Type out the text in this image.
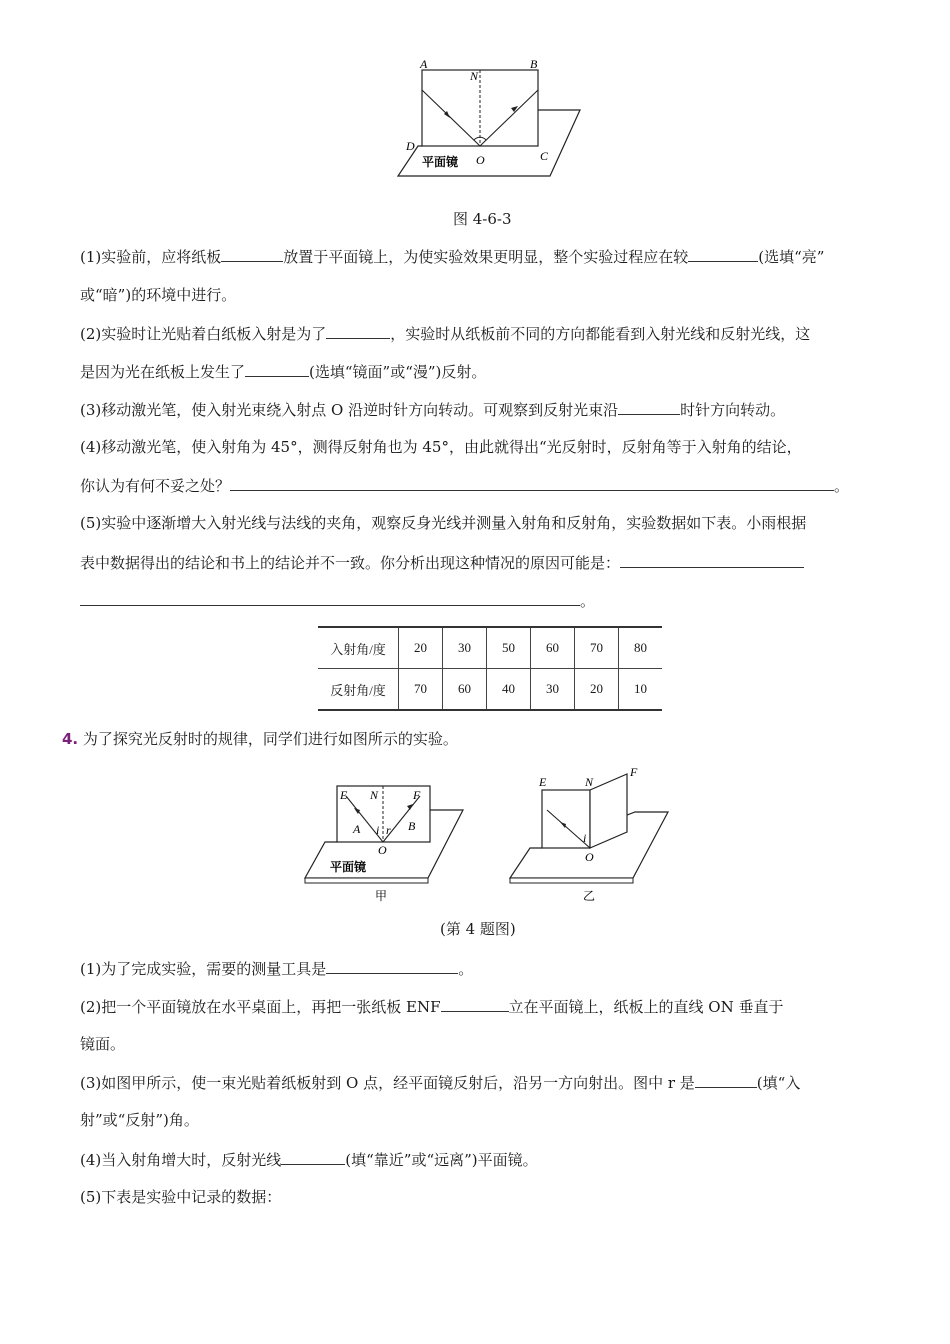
A	B
N
D
C
O
平面镜
图 4-6-3
(1)实验前，应将纸板	放置于平面镜上，为使实验效果更明显，整个实验过程应在较	(选填“亮”
或“暗”)的环境中进行。
(2)实验时让光贴着白纸板入射是为了	，实验时从纸板前不同的方向都能看到入射光线和反射光线，这
是因为光在纸板上发生了	(选填“镜面”或“漫”)反射。
(3)移动激光笔，使入射光束绕入射点 O 沿逆时针方向转动。可观察到反射光束沿	时针方向转动。
(4)移动激光笔，使入射角为 45°，测得反射角也为 45°，由此就得出“光反射时，反射角等于入射角的结论，
你认为有何不妥之处？	。
(5)实验中逐渐增大入射光线与法线的夹角，观察反身光线并测量入射角和反射角，实验数据如下表。小雨根据
表中数据得出的结论和书上的结论并不一致。你分析出现这种情况的原因可能是：
。
入射角/度	20	30	50	60	70	80
反射角/度	70	60	40	30	20	10
4. 为了探究光反射时的规律，同学们进行如图所示的实验。
E N	F
A	B
i r
O
平面镜
甲
E	N
F
i
O
乙
(第 4 题图)
(1)为了完成实验，需要的测量工具是	。
(2)把一个平面镜放在水平桌面上，再把一张纸板 ENF	立在平面镜上，纸板上的直线 ON 垂直于
镜面。
(3)如图甲所示，使一束光贴着纸板射到 O 点，经平面镜反射后，沿另一方向射出。图中 r 是	(填“入
射”或“反射”)角。
(4)当入射角增大时，反射光线	(填“靠近”或“远离”)平面镜。
(5)下表是实验中记录的数据：
